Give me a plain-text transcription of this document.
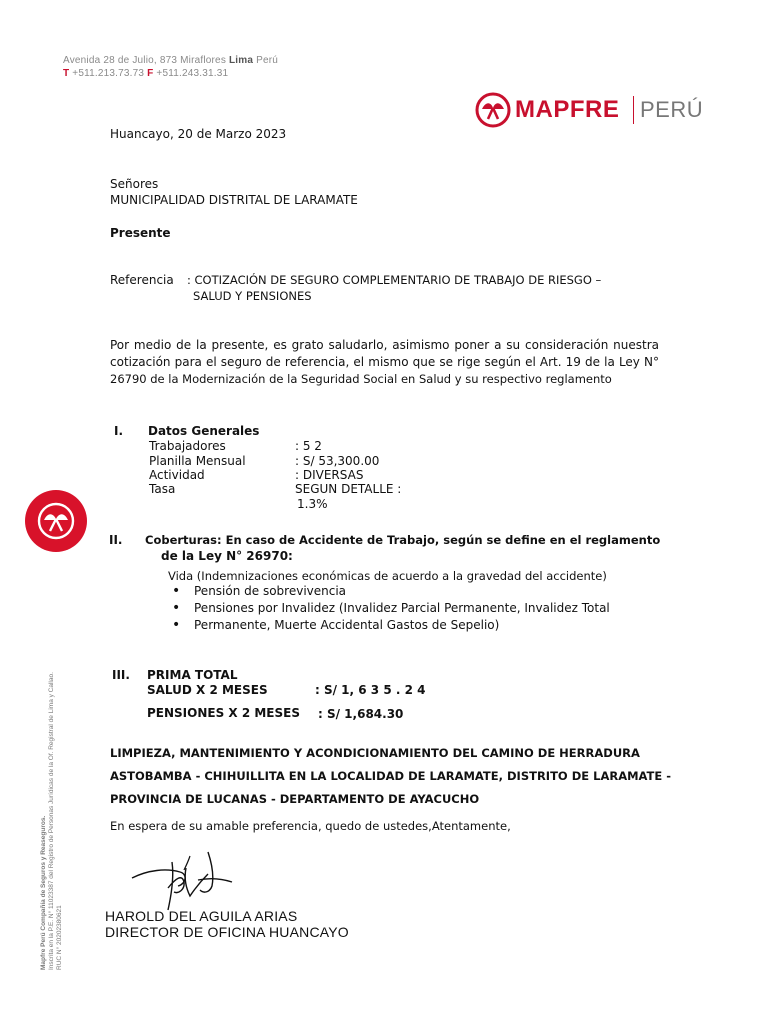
Avenida 28 de Julio, 873 Miraflores Lima Perú
T +511.213.73.73 F +511.243.31.31
MAPFRE PERÚ
Mapfre Perú Compañía de Seguros y Reaseguros. Inscrita en la P.E. N° 11023387 del Registro de Personas Jurídicas de la Of. Registral de Lima y Callao. RUC N° 20202380621
Huancayo, 20 de Marzo 2023
Señores
MUNICIPALIDAD DISTRITAL DE LARAMATE
Presente
Referencia : COTIZACIÓN DE SEGURO COMPLEMENTARIO DE TRABAJO DE RIESGO –
SALUD Y PENSIONES
Por medio de la presente, es grato saludarlo, asimismo poner a su consideración nuestra
cotización para el seguro de referencia, el mismo que se rige según el Art. 19 de la Ley N°
26790 de la Modernización de la Seguridad Social en Salud y su respectivo reglamento
I. Datos Generales
Trabajadores	: 5 2
Planilla Mensual	: S/ 53,300.00
Actividad	: DIVERSAS
Tasa	SEGUN DETALLE :
1.3%
II. Coberturas: En caso de Accidente de Trabajo, según se define en el reglamento
de la Ley N° 26970:
Vida (Indemnizaciones económicas de acuerdo a la gravedad del accidente)
• Pensión de sobrevivencia
• Pensiones por Invalidez (Invalidez Parcial Permanente, Invalidez Total
• Permanente, Muerte Accidental Gastos de Sepelio)
III. PRIMA TOTAL
SALUD X 2 MESES	: S/ 1, 6 3 5 . 2 4
PENSIONES X 2 MESES : S/ 1,684.30
LIMPIEZA, MANTENIMIENTO Y ACONDICIONAMIENTO DEL CAMINO DE HERRADURA
ASTOBAMBA - CHIHUILLITA EN LA LOCALIDAD DE LARAMATE, DISTRITO DE LARAMATE -
PROVINCIA DE LUCANAS - DEPARTAMENTO DE AYACUCHO
En espera de su amable preferencia, quedo de ustedes,Atentamente,
HAROLD DEL AGUILA ARIAS
DIRECTOR DE OFICINA HUANCAYO
